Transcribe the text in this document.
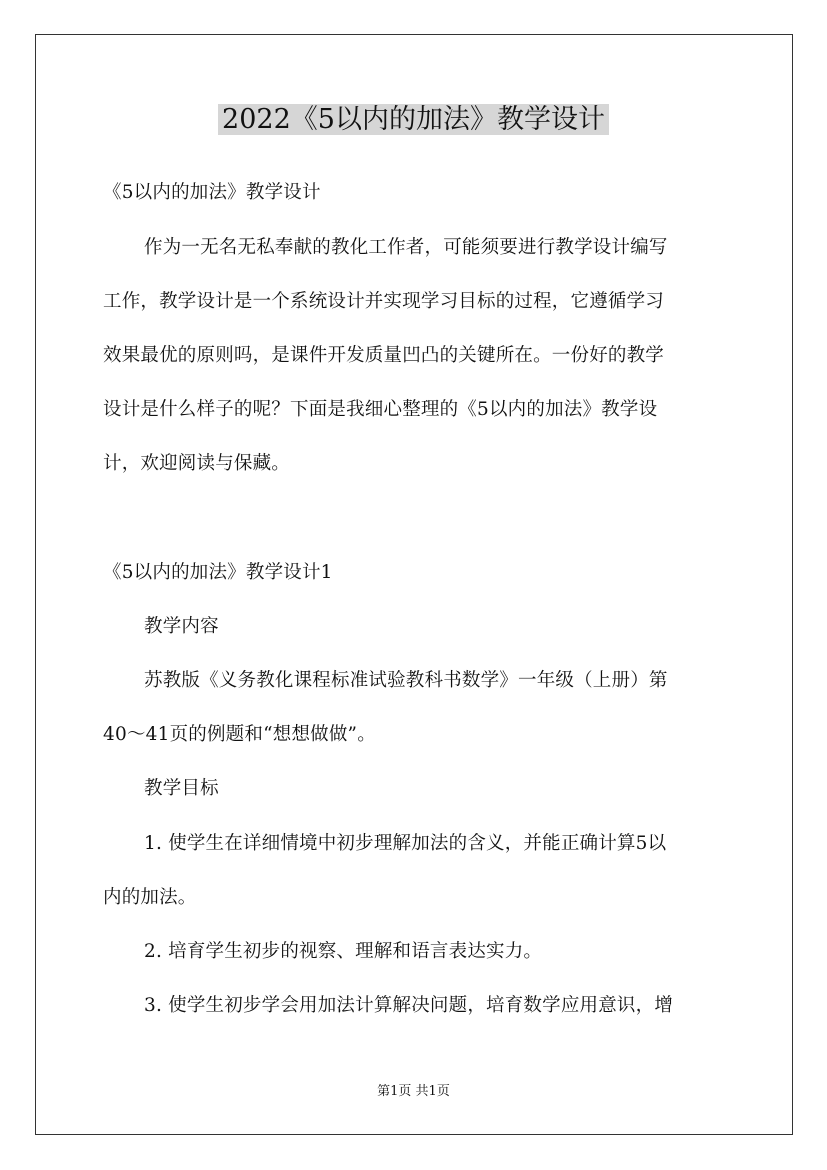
2022《5以内的加法》教学设计
《5以内的加法》教学设计
作为一无名无私奉献的教化工作者，可能须要进行教学设计编写
工作，教学设计是一个系统设计并实现学习目标的过程，它遵循学习
效果最优的原则吗，是课件开发质量凹凸的关键所在。一份好的教学
设计是什么样子的呢？下面是我细心整理的《5以内的加法》教学设
计，欢迎阅读与保藏。
《5以内的加法》教学设计1
教学内容
苏教版《义务教化课程标准试验教科书数学》一年级（上册）第
40～41页的例题和“想想做做”。
教学目标
1. 使学生在详细情境中初步理解加法的含义，并能正确计算5以
内的加法。
2. 培育学生初步的视察、理解和语言表达实力。
3. 使学生初步学会用加法计算解决问题，培育数学应用意识，增
第1页 共1页
